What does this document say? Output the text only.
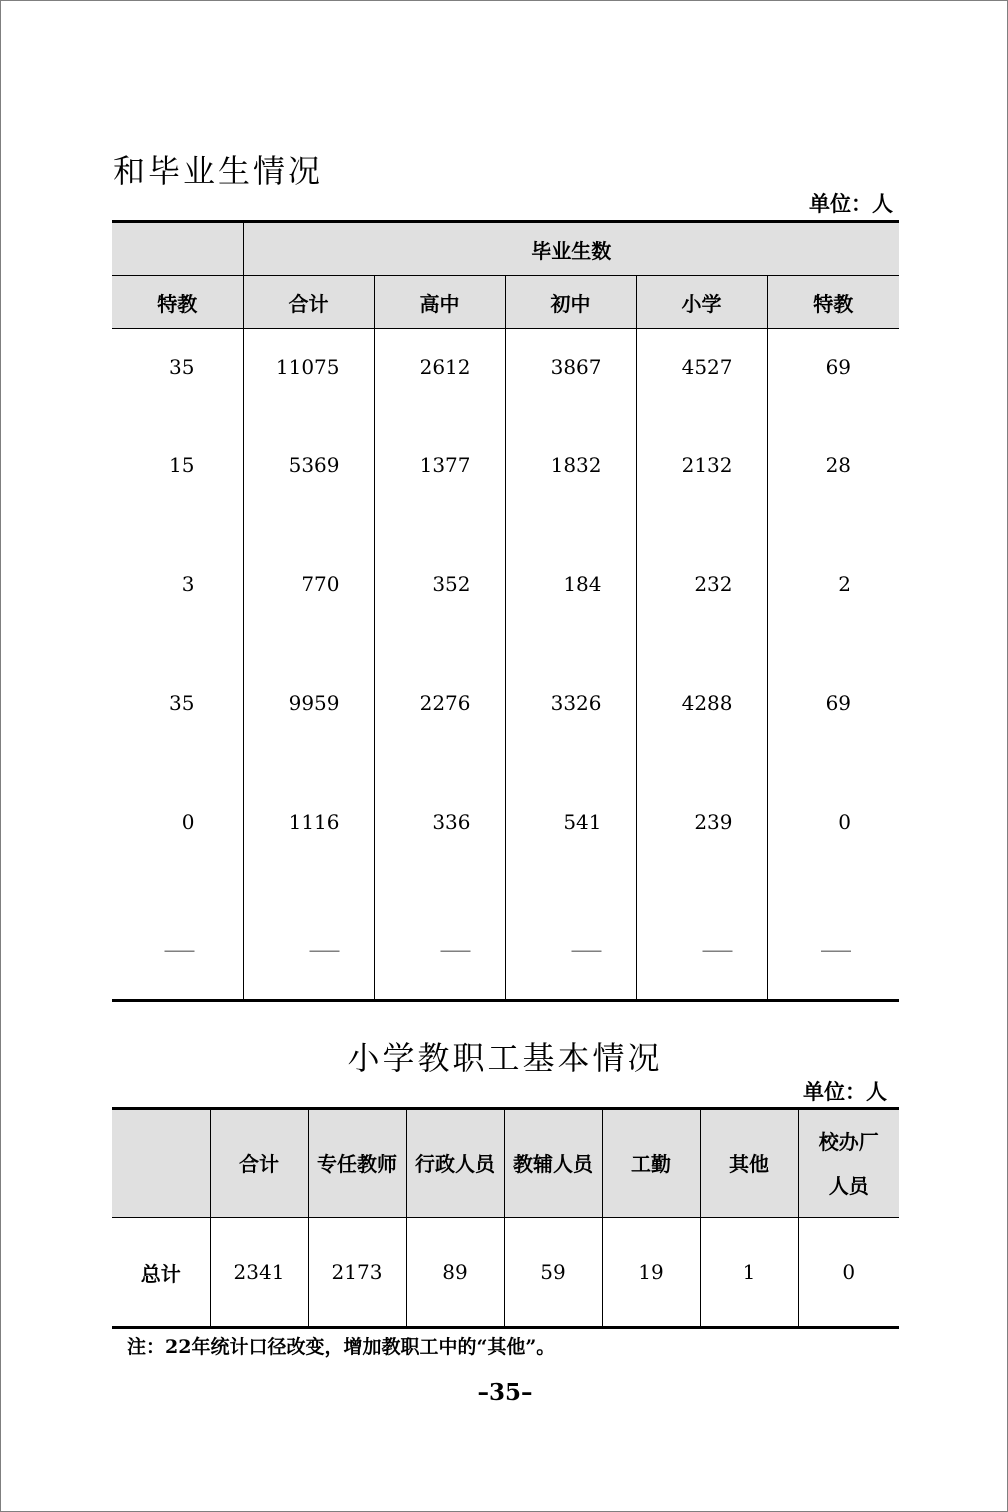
和毕业生情况
单位：人
	毕业生数				
特教	合计	高中	初中	小学	特教
35	11075	2612	3867	4527	69
15	5369	1377	1832	2132	28
3	770	352	184	232	2
35	9959	2276	3326	4288	69
0	1116	336	541	239	0
___	___	___	___	___	___
小学教职工基本情况
单位：人
	合计	专任教师	行政人员	教辅人员	工勤	其他	校办厂人员
总计	2341	2173	89	59	19	1	0
注：22年统计口径改变，增加教职工中的“其他”。
–35–
